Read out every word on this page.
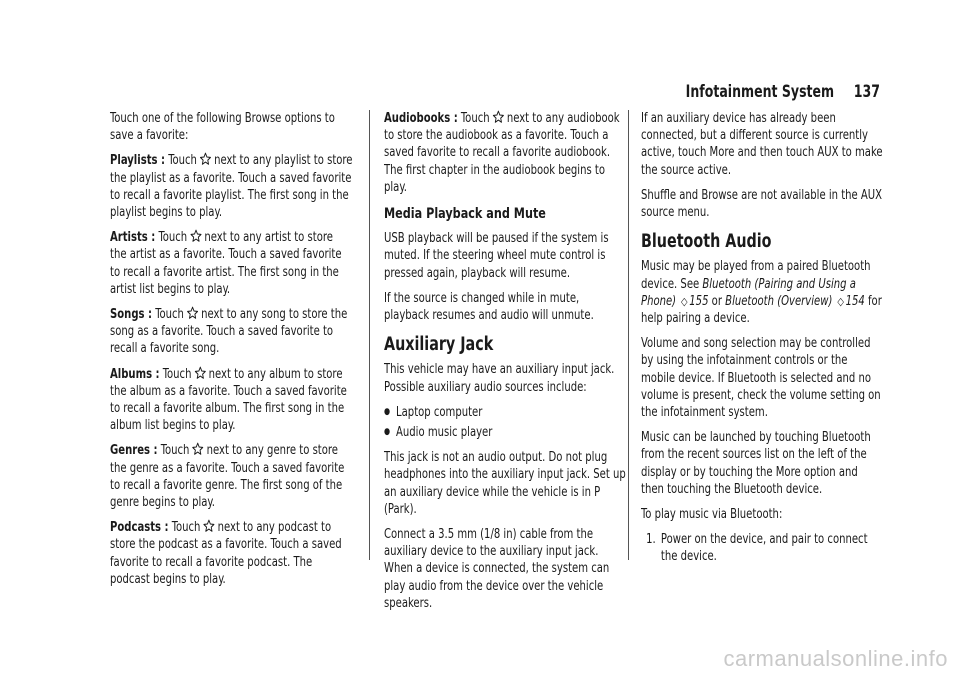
Infotainment System 137

Touch one of the following Browse options to save a favorite:

Playlists : Touch next to any playlist to store the playlist as a favorite. Touch a saved favorite to recall a favorite playlist. The first song in the playlist begins to play.

Artists : Touch next to any artist to store the artist as a favorite. Touch a saved favorite to recall a favorite artist. The first song in the artist list begins to play.

Songs : Touch next to any song to store the song as a favorite. Touch a saved favorite to recall a favorite song.

Albums : Touch next to any album to store the album as a favorite. Touch a saved favorite to recall a favorite album. The first song in the album list begins to play.

Genres : Touch next to any genre to store the genre as a favorite. Touch a saved favorite to recall a favorite genre. The first song of the genre begins to play.

Podcasts : Touch next to any podcast to store the podcast as a favorite. Touch a saved favorite to recall a favorite podcast. The podcast begins to play.

Audiobooks : Touch next to any audiobook to store the audiobook as a favorite. Touch a saved favorite to recall a favorite audiobook. The first chapter in the audiobook begins to play.

Media Playback and Mute

USB playback will be paused if the system is muted. If the steering wheel mute control is pressed again, playback will resume.

If the source is changed while in mute, playback resumes and audio will unmute.

Auxiliary Jack

This vehicle may have an auxiliary input jack. Possible auxiliary audio sources include:

● Laptop computer
● Audio music player

This jack is not an audio output. Do not plug headphones into the auxiliary input jack. Set up an auxiliary device while the vehicle is in P (Park).

Connect a 3.5 mm (1/8 in) cable from the auxiliary device to the auxiliary input jack. When a device is connected, the system can play audio from the device over the vehicle speakers.

If an auxiliary device has already been connected, but a different source is currently active, touch More and then touch AUX to make the source active.

Shuffle and Browse are not available in the AUX source menu.

Bluetooth Audio

Music may be played from a paired Bluetooth device. See Bluetooth (Pairing and Using a Phone) ◇ 155 or Bluetooth (Overview) ◇ 154 for help pairing a device.

Volume and song selection may be controlled by using the infotainment controls or the mobile device. If Bluetooth is selected and no volume is present, check the volume setting on the infotainment system.

Music can be launched by touching Bluetooth from the recent sources list on the left of the display or by touching the More option and then touching the Bluetooth device.

To play music via Bluetooth:

1. Power on the device, and pair to connect the device.
carmanualsonline.info
